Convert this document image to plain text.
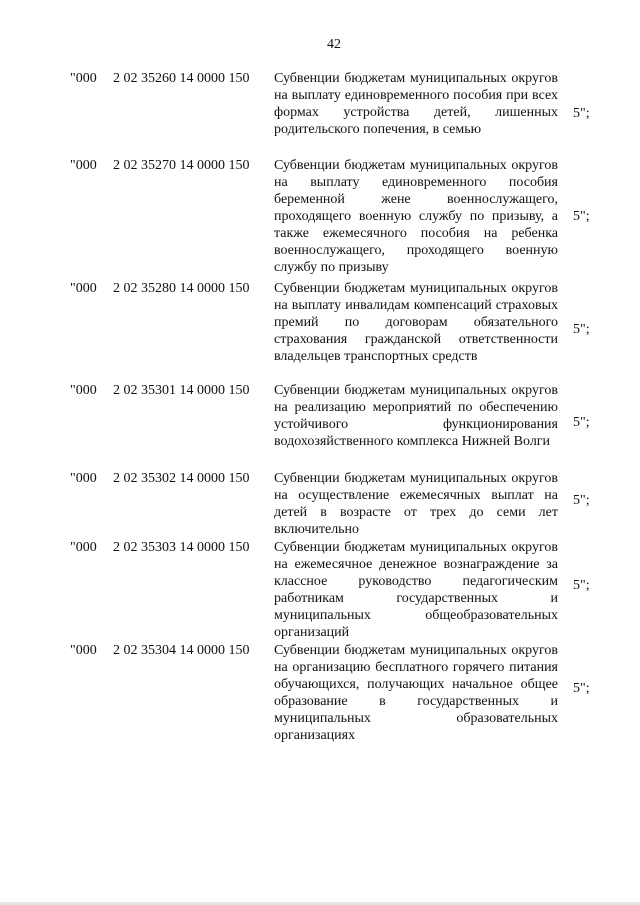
42
"000 2 02 35260 14 0000 150 Субвенции бюджетам муниципальных округов на выплату единовременного пособия при всех формах устройства детей, лишенных родительского попечения, в семью
5";
"000 2 02 35270 14 0000 150 Субвенции бюджетам муниципальных округов на выплату единовременного пособия беременной жене военнослужащего, проходящего военную службу по призыву, а также ежемесячного пособия на ребенка военнослужащего, проходящего военную службу по призыву
5";
"000 2 02 35280 14 0000 150 Субвенции бюджетам муниципальных округов на выплату инвалидам компенсаций страховых премий по договорам обязательного страхования гражданской ответственности владельцев транспортных средств
5";
"000 2 02 35301 14 0000 150 Субвенции бюджетам муниципальных округов на реализацию мероприятий по обеспечению устойчивого функционирования водохозяйственного комплекса Нижней Волги
5";
"000 2 02 35302 14 0000 150 Субвенции бюджетам муниципальных округов на осуществление ежемесячных выплат на детей в возрасте от трех до семи лет включительно
5";
"000 2 02 35303 14 0000 150 Субвенции бюджетам муниципальных округов на ежемесячное денежное вознаграждение за классное руководство педагогическим работникам государственных и муниципальных общеобразовательных организаций
5";
"000 2 02 35304 14 0000 150 Субвенции бюджетам муниципальных округов на организацию бесплатного горячего питания обучающихся, получающих начальное общее образование в государственных и муниципальных образовательных организациях
5";
